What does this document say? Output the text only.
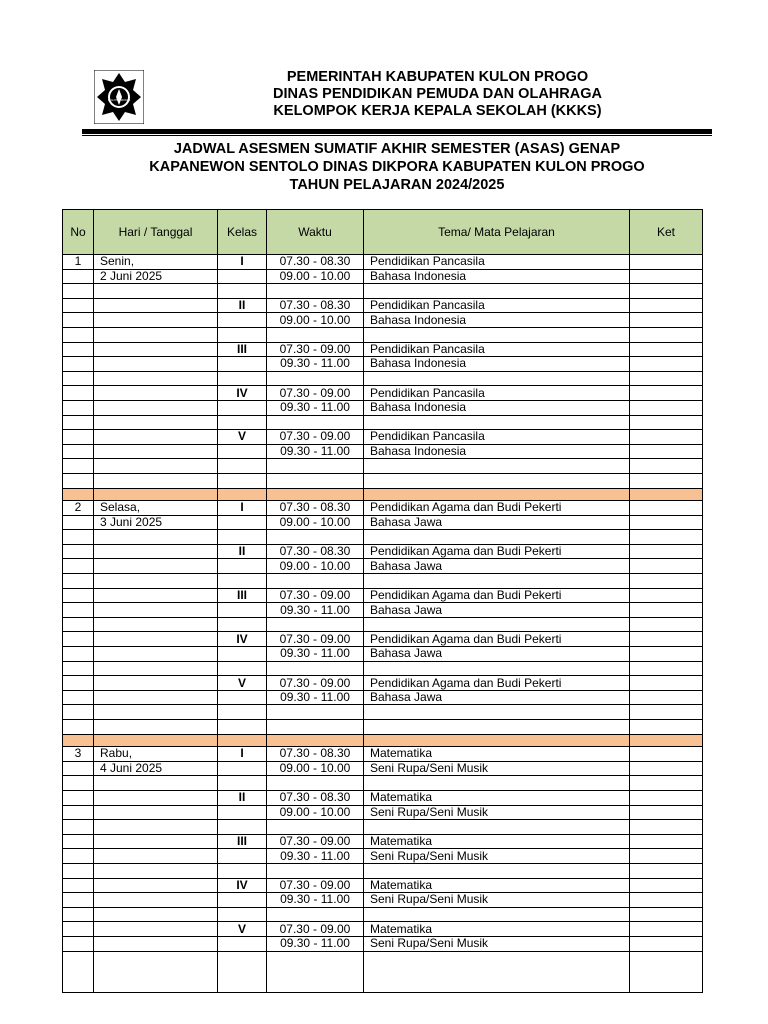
KULON PROGO
PEMERINTAH KABUPATEN KULON PROGO
DINAS PENDIDIKAN PEMUDA DAN OLAHRAGA
KELOMPOK KERJA KEPALA SEKOLAH (KKKS)
JADWAL ASESMEN SUMATIF AKHIR SEMESTER (ASAS) GENAP
KAPANEWON SENTOLO DINAS DIKPORA KABUPATEN KULON PROGO
TAHUN PELAJARAN 2024/2025
No	Hari / Tanggal	Kelas	Waktu	Tema/ Mata Pelajaran	Ket
1	Senin,	I	07.30 - 08.30	Pendidikan Pancasila	
	2 Juni 2025		09.00 - 10.00	Bahasa Indonesia	

		II	07.30 - 08.30	Pendidikan Pancasila	
			09.00 - 10.00	Bahasa Indonesia	

		III	07.30 - 09.00	Pendidikan Pancasila	
			09.30 - 11.00	Bahasa Indonesia	

		IV	07.30 - 09.00	Pendidikan Pancasila	
			09.30 - 11.00	Bahasa Indonesia	

		V	07.30 - 09.00	Pendidikan Pancasila	
			09.30 - 11.00	Bahasa Indonesia	

2	Selasa,	I	07.30 - 08.30	Pendidikan Agama dan Budi Pekerti	
	3 Juni 2025		09.00 - 10.00	Bahasa Jawa	

		II	07.30 - 08.30	Pendidikan Agama dan Budi Pekerti	
			09.00 - 10.00	Bahasa Jawa	

		III	07.30 - 09.00	Pendidikan Agama dan Budi Pekerti	
			09.30 - 11.00	Bahasa Jawa	

		IV	07.30 - 09.00	Pendidikan Agama dan Budi Pekerti	
			09.30 - 11.00	Bahasa Jawa	

		V	07.30 - 09.00	Pendidikan Agama dan Budi Pekerti	
			09.30 - 11.00	Bahasa Jawa	

3	Rabu,	I	07.30 - 08.30	Matematika	
	4 Juni 2025		09.00 - 10.00	Seni Rupa/Seni Musik	

		II	07.30 - 08.30	Matematika	
			09.00 - 10.00	Seni Rupa/Seni Musik	

		III	07.30 - 09.00	Matematika	
			09.30 - 11.00	Seni Rupa/Seni Musik	

		IV	07.30 - 09.00	Matematika	
			09.30 - 11.00	Seni Rupa/Seni Musik	

		V	07.30 - 09.00	Matematika	
			09.30 - 11.00	Seni Rupa/Seni Musik	
